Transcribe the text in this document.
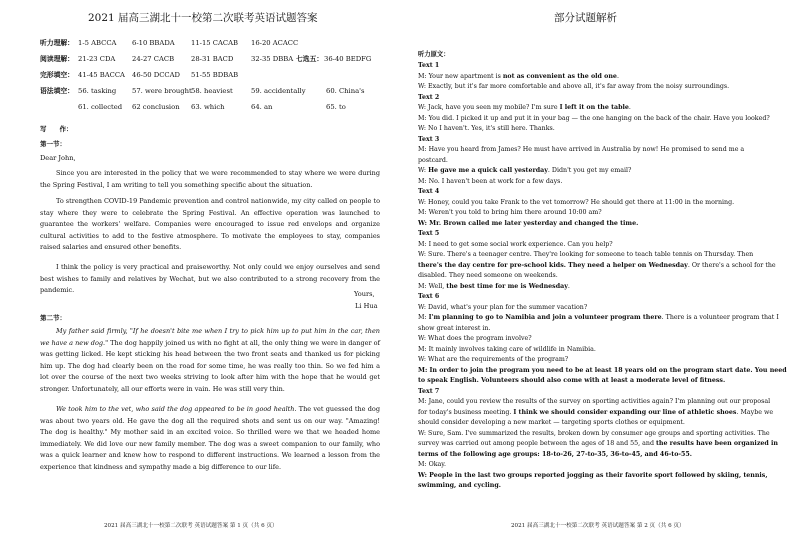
2021 届高三湖北十一校第二次联考英语试题答案
听力理解： 1-5 ABCCA 6-10 BBADA 11-15 CACAB 16-20 ACACC
阅读理解： 21-23 CDA 24-27 CACB 28-31 BACD	32-35 DBBA 七选五： 36-40 BEDFG
完形填空： 41-45 BACCA 46-50 DCCAD 51-55 BDBAB
语法填空： 56. tasking 57. were brought 58. heaviest	59. accidentally	60. China's
61. collected 62 conclusion 63. which	64. an	65. to
写　　作：
第一节：
Dear John,
Since you are interested in the policy that we were recommended to stay where we were during the Spring Festival, I am writing to tell you something specific about the situation.
To strengthen COVID-19 Pandemic prevention and control nationwide, my city called on people to stay where they were to celebrate the Spring Festival. An effective operation was launched to guarantee the workers' welfare. Companies were encouraged to issue red envelops and organize cultural activities to add to the festive atmosphere. To motivate the employees to stay, companies raised salaries and ensured other benefits.
I think the policy is very practical and praiseworthy. Not only could we enjoy ourselves and send best wishes to family and relatives by Wechat, but we also contributed to a strong recovery from the pandemic.	Yours,
Li Hua
第二节：
My father said firmly, "If he doesn't bite me when I try to pick him up to put him in the car, then we have a new dog." The dog happily joined us with no fight at all, the only thing we were in danger of was getting licked. He kept sticking his head between the two front seats and thanked us for picking him up. The dog had clearly been on the road for some time, he was really too thin. So we fed him a lot over the course of the next two weeks striving to look after him with the hope that he would get stronger. Unfortunately, all our efforts were in vain. He was still very thin.
We took him to the vet, who said the dog appeared to be in good health. The vet guessed the dog was about two years old. He gave the dog all the required shots and sent us on our way. "Amazing! The dog is healthy." My mother said in an excited voice. So thrilled were we that we headed home immediately. We did love our new family member. The dog was a sweet companion to our family, who was a quick learner and knew how to respond to different instructions. We learned a lesson from the experience that kindness and sympathy made a big difference to our life.
2021 届高三湖北十一校第二次联考 英语试题答案 第 1 页（共 6 页）
部分试题解析
听力原文：
Text 1
M: Your new apartment is not as convenient as the old one.
W: Exactly, but it's far more comfortable and above all, it's far away from the noisy surroundings.
Text 2
W: Jack, have you seen my mobile? I'm sure I left it on the table.
M: You did. I picked it up and put it in your bag — the one hanging on the back of the chair. Have you looked?
W: No I haven't. Yes, it's still here. Thanks.
Text 3
M: Have you heard from James? He must have arrived in Australia by now! He promised to send me a
postcard.
W: He gave me a quick call yesterday. Didn't you get my email?
M: No. I haven't been at work for a few days.
Text 4
W: Honey, could you take Frank to the vet tomorrow? He should get there at 11:00 in the morning.
M: Weren't you told to bring him there around 10:00 am?
W: Mr. Brown called me later yesterday and changed the time.
Text 5
M: I need to get some social work experience. Can you help?
W: Sure. There's a teenager centre. They're looking for someone to teach table tennis on Thursday. Then
there's the day centre for pre-school kids. They need a helper on Wednesday. Or there's a school for the
disabled. They need someone on weekends.
M: Well, the best time for me is Wednesday.
Text 6
W: David, what's your plan for the summer vacation?
M: I'm planning to go to Namibia and join a volunteer program there. There is a volunteer program that I
show great interest in.
W: What does the program involve?
M: It mainly involves taking care of wildlife in Namibia.
W: What are the requirements of the program?
M: In order to join the program you need to be at least 18 years old on the program start date. You need
to speak English. Volunteers should also come with at least a moderate level of fitness.
Text 7
M: Jane, could you review the results of the survey on sporting activities again? I'm planning out our proposal
for today's business meeting. I think we should consider expanding our line of athletic shoes. Maybe we
should consider developing a new market — targeting sports clothes or equipment.
W: Sure, Sam. I've summarized the results, broken down by consumer age groups and sporting activities. The
survey was carried out among people between the ages of 18 and 55, and the results have been organized in
terms of the following age groups: 18-to-26, 27-to-35, 36-to-45, and 46-to-55.
M: Okay.
W: People in the last two groups reported jogging as their favorite sport followed by skiing, tennis,
swimming, and cycling.
2021 届高三湖北十一校第二次联考 英语试题答案 第 2 页（共 6 页）
